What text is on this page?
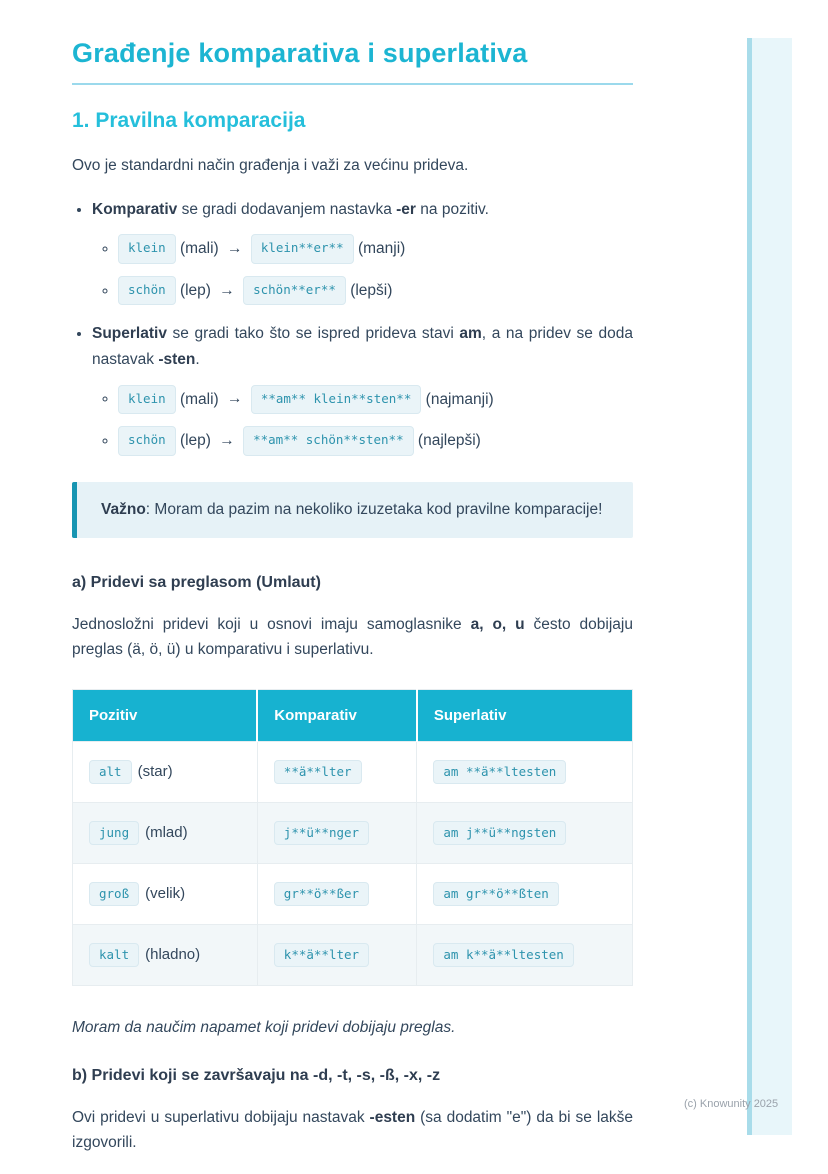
Građenje komparativa i superlativa
1. Pravilna komparacija

Ovo je standardni način građenja i važi za većinu prideva.

• Komparativ se gradi dodavanjem nastavka -er na pozitiv.
◦ klein (mali) → klein**er** (manji)
◦ schön (lep) → schön**er** (lepši)
• Superlativ se gradi tako što se ispred prideva stavi am, a na pridev se doda nastavak -sten.
◦ klein (mali) → **am** klein**sten** (najmanji)
◦ schön (lep) → **am** schön**sten** (najlepši)

Važno: Moram da pazim na nekoliko izuzetaka kod pravilne komparacije!

a) Pridevi sa preglasom (Umlaut)

Jednosložni pridevi koji u osnovi imaju samoglasnike a, o, u često dobijaju preglas (ä, ö, ü) u komparativu i superlativu.

Pozitiv	Komparativ	Superlativ
alt (star)	**ä**lter	am **ä**ltesten
jung (mlad)	j**ü**nger	am j**ü**ngsten
groß (velik)	gr**ö**ßer	am gr**ö**ßten
kalt (hladno)	k**ä**lter	am k**ä**ltesten

Moram da naučim napamet koji pridevi dobijaju preglas.

b) Pridevi koji se završavaju na -d, -t, -s, -ß, -x, -z

Ovi pridevi u superlativu dobijaju nastavak -esten (sa dodatim "e") da bi se lakše izgovorili.

(c) Knowunity 2025
